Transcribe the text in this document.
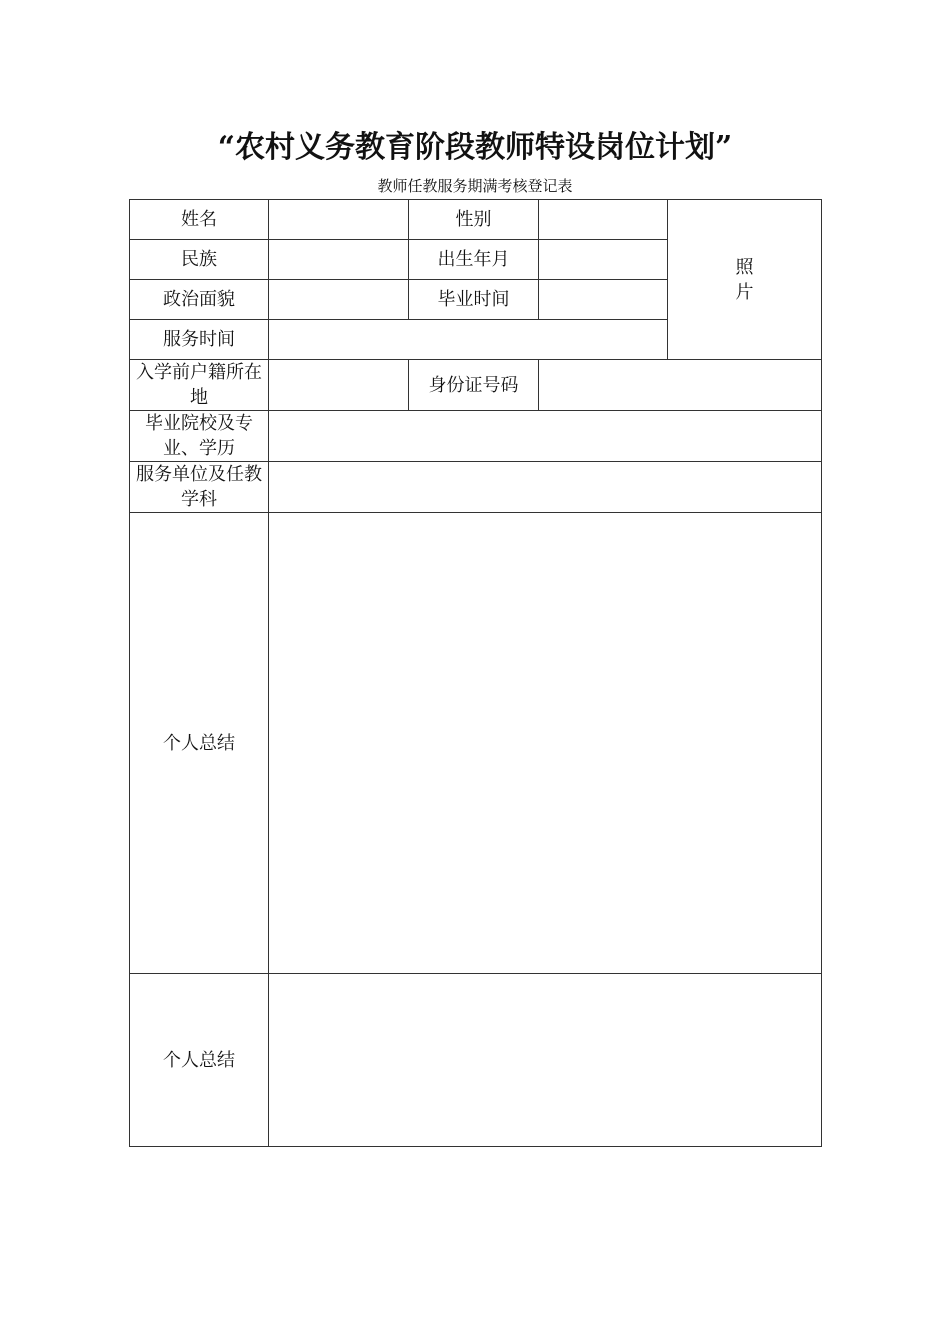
“农村义务教育阶段教师特设岗位计划”
教师任教服务期满考核登记表
姓名		性别		照
片

民族		出生年月		
政治面貌		毕业时间		
服务时间				
入学前户籍所在地		身份证号码		
毕业院校及专业、学历				
服务单位及任教学科				
个人总结				
个人总结				
